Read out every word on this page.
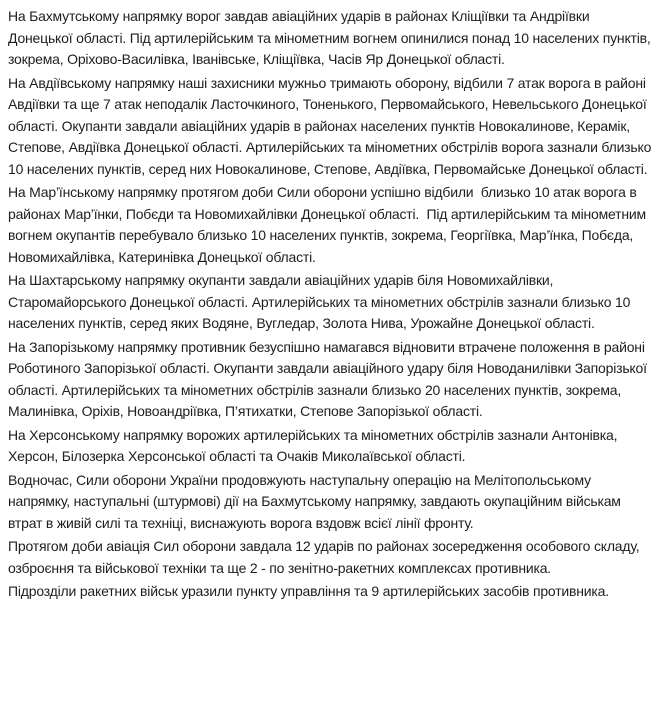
На Бахмутському напрямку ворог завдав авіаційних ударів в районах Кліщіївки та Андріївки Донецької області. Під артилерійським та мінометним вогнем опинилися понад 10 населених пунктів, зокрема, Оріхово-Василівка, Іванівське, Кліщіївка, Часів Яр Донецької області.

На Авдіївському напрямку наші захисники мужньо тримають оборону, відбили 7 атак ворога в районі Авдіївки та ще 7 атак неподалік Ласточкиного, Тоненького, Первомайського, Невельського Донецької області. Окупанти завдали авіаційних ударів в районах населених пунктів Новокалинове, Керамік, Степове, Авдіївка Донецької області. Артилерійських та мінометних обстрілів ворога зазнали близько 10 населених пунктів, серед них Новокалинове, Степове, Авдіївка, Первомайське Донецької області.

На Мар’їнському напрямку протягом доби Сили оборони успішно відбили  близько 10 атак ворога в районах Мар’їнки, Побєди та Новомихайлівки Донецької області.  Під артилерійським та мінометним вогнем окупантів перебувало близько 10 населених пунктів, зокрема, Георгіївка, Мар’їнка, Побєда, Новомихайлівка, Катеринівка Донецької області.

На Шахтарському напрямку окупанти завдали авіаційних ударів біля Новомихайлівки, Старомайорського Донецької області. Артилерійських та мінометних обстрілів зазнали близько 10 населених пунктів, серед яких Водяне, Вугледар, Золота Нива, Урожайне Донецької області.

На Запорізькому напрямку противник безуспішно намагався відновити втрачене положення в районі Роботиного Запорізької області. Окупанти завдали авіаційного удару біля Новоданилівки Запорізької області. Артилерійських та мінометних обстрілів зазнали близько 20 населених пунктів, зокрема, Малинівка, Оріхів, Новоандріївка, П’ятихатки, Степове Запорізької області.

На Херсонському напрямку ворожих артилерійських та мінометних обстрілів зазнали Антонівка, Херсон, Білозерка Херсонської області та Очаків Миколаївської області.

Водночас, Сили оборони України продовжують наступальну операцію на Мелітопольському напрямку, наступальні (штурмові) дії на Бахмутському напрямку, завдають окупаційним військам втрат в живій силі та техніці, виснажують ворога вздовж всієї лінії фронту.

Протягом доби авіація Сил оборони завдала 12 ударів по районах зосередження особового складу, озброєння та військової техніки та ще 2 - по зенітно-ракетних комплексах противника.

Підрозділи ракетних військ уразили пункту управління та 9 артилерійських засобів противника.
